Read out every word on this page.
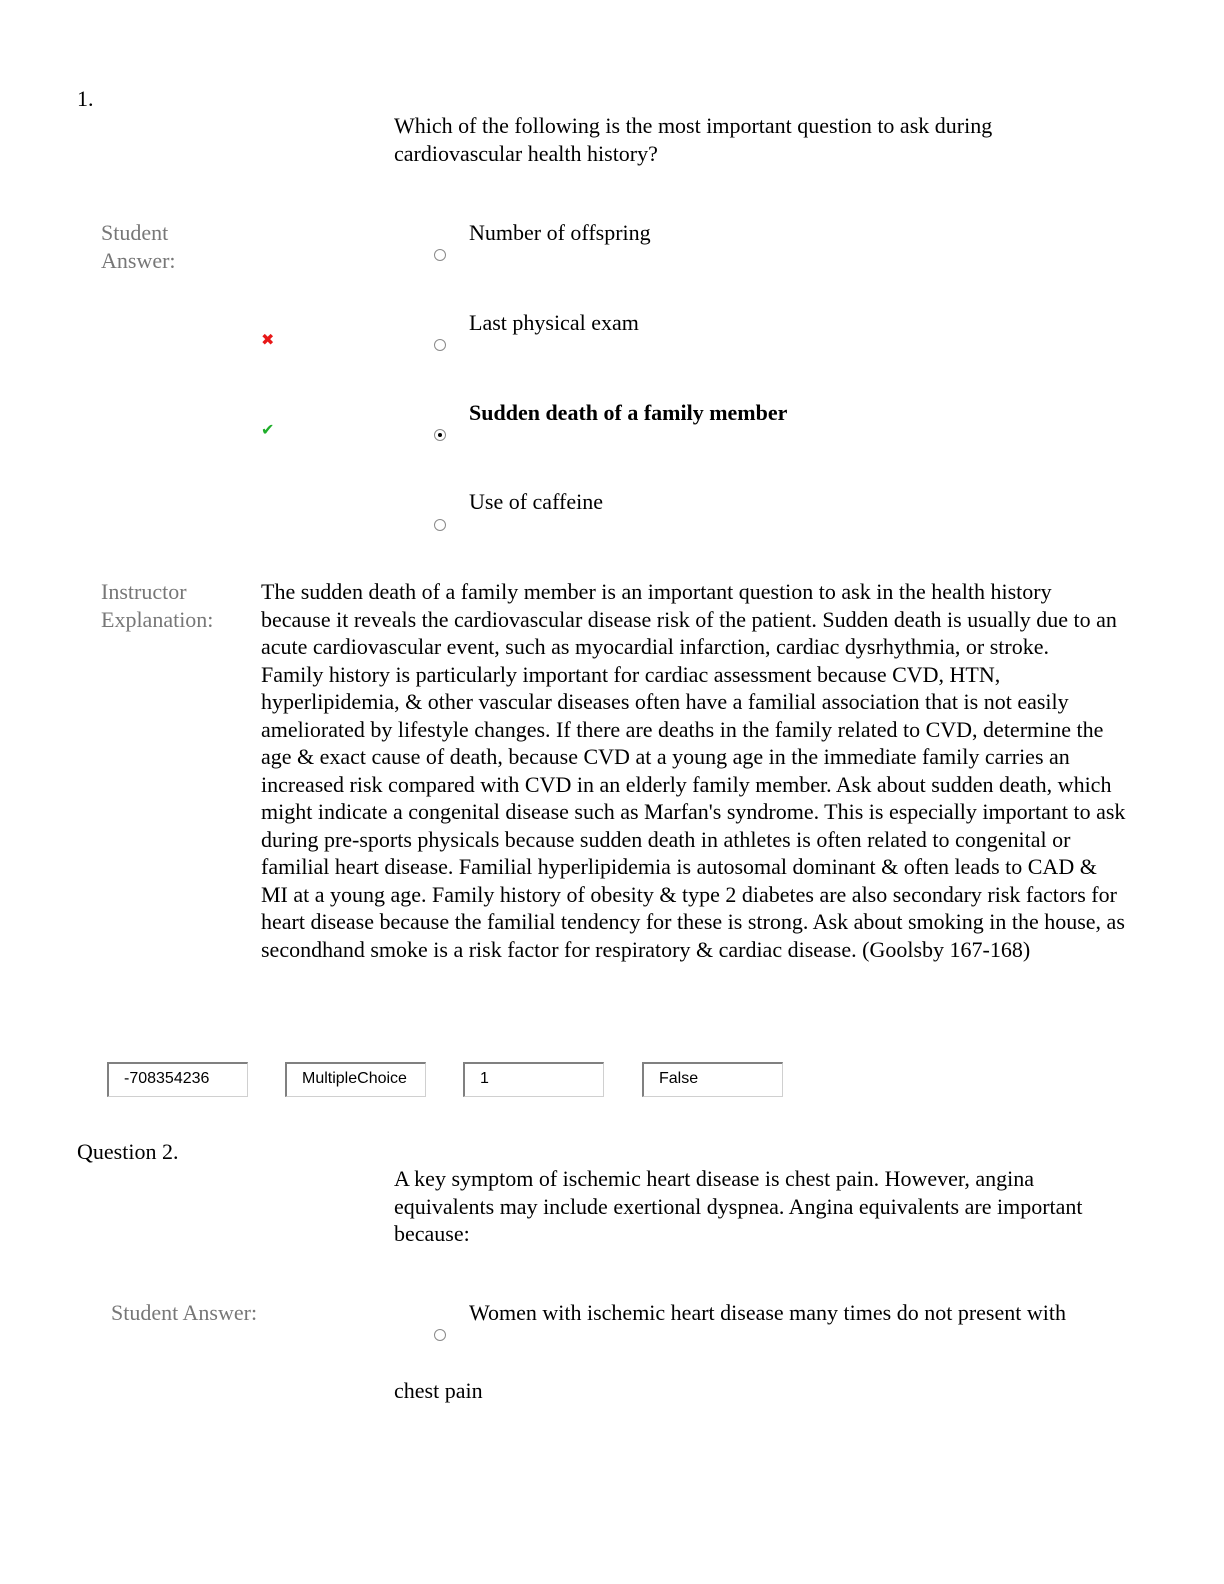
1.
Which of the following is the most important question to ask during cardiovascular health history?
Student Answer:
Number of offspring
✖
Last physical exam
✔
Sudden death of a family member
Use of caffeine
Instructor Explanation:

The sudden death of a family member is an important question to ask in the health history because it reveals the cardiovascular disease risk of the patient. Sudden death is usually due to an acute cardiovascular event, such as myocardial infarction, cardiac dysrhythmia, or stroke.

Family history is particularly important for cardiac assessment because CVD, HTN, hyperlipidemia, & other vascular diseases often have a familial association that is not easily ameliorated by lifestyle changes. If there are deaths in the family related to CVD, determine the age & exact cause of death, because CVD at a young age in the immediate family carries an increased risk compared with CVD in an elderly family member. Ask about sudden death, which might indicate a congenital disease such as Marfan's syndrome. This is especially important to ask during pre-sports physicals because sudden death in athletes is often related to congenital or familial heart disease. Familial hyperlipidemia is autosomal dominant & often leads to CAD & MI at a young age. Family history of obesity & type 2 diabetes are also secondary risk factors for heart disease because the familial tendency for these is strong. Ask about smoking in the house, as secondhand smoke is a risk factor for respiratory & cardiac disease. (Goolsby 167-168)

-708354236	MultipleChoice	1	False
Question 2.
A key symptom of ischemic heart disease is chest pain. However, angina equivalents may include exertional dyspnea. Angina equivalents are important because:
Student Answer:	Women with ischemic heart disease many times do not present with
chest pain
